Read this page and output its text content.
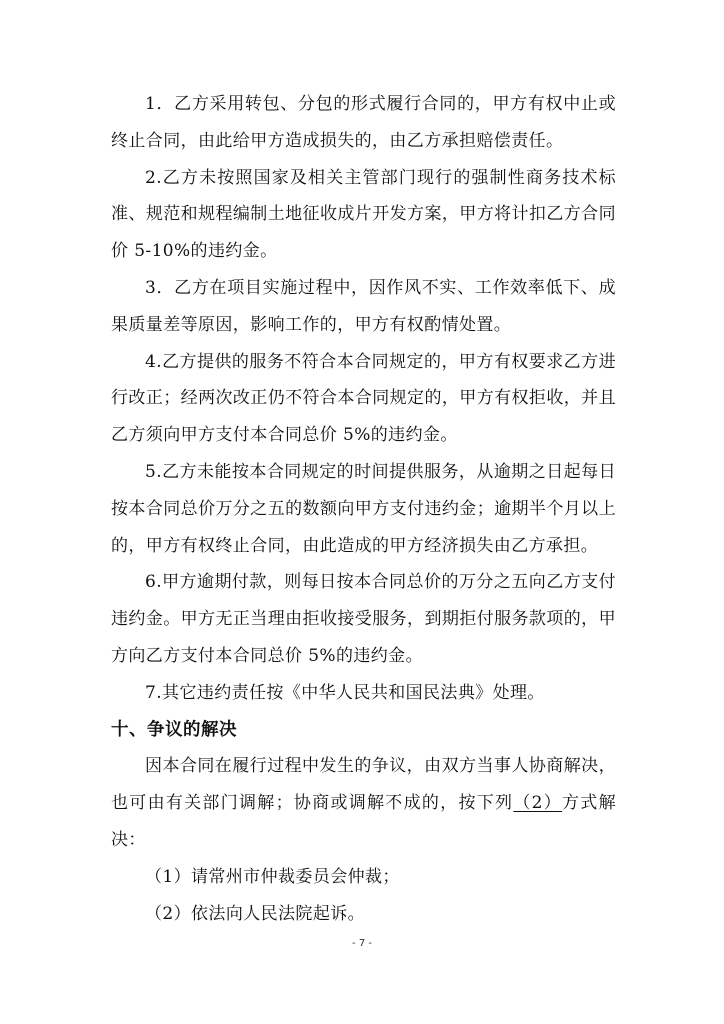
1．乙方采用转包、分包的形式履行合同的，甲方有权中止或终止合同，由此给甲方造成损失的，由乙方承担赔偿责任。

2.乙方未按照国家及相关主管部门现行的强制性商务技术标准、规范和规程编制土地征收成片开发方案，甲方将计扣乙方合同价 5-10%的违约金。

3．乙方在项目实施过程中，因作风不实、工作效率低下、成果质量差等原因，影响工作的，甲方有权酌情处置。

4.乙方提供的服务不符合本合同规定的，甲方有权要求乙方进行改正；经两次改正仍不符合本合同规定的，甲方有权拒收，并且乙方须向甲方支付本合同总价 5%的违约金。

5.乙方未能按本合同规定的时间提供服务，从逾期之日起每日按本合同总价万分之五的数额向甲方支付违约金；逾期半个月以上的，甲方有权终止合同，由此造成的甲方经济损失由乙方承担。

6.甲方逾期付款，则每日按本合同总价的万分之五向乙方支付违约金。甲方无正当理由拒收接受服务，到期拒付服务款项的，甲方向乙方支付本合同总价 5%的违约金。

7.其它违约责任按《中华人民共和国民法典》处理。

十、争议的解决

因本合同在履行过程中发生的争议，由双方当事人协商解决，也可由有关部门调解；协商或调解不成的，按下列（2）方式解决：

（1）请常州市仲裁委员会仲裁；

（2）依法向人民法院起诉。

- 7 -
